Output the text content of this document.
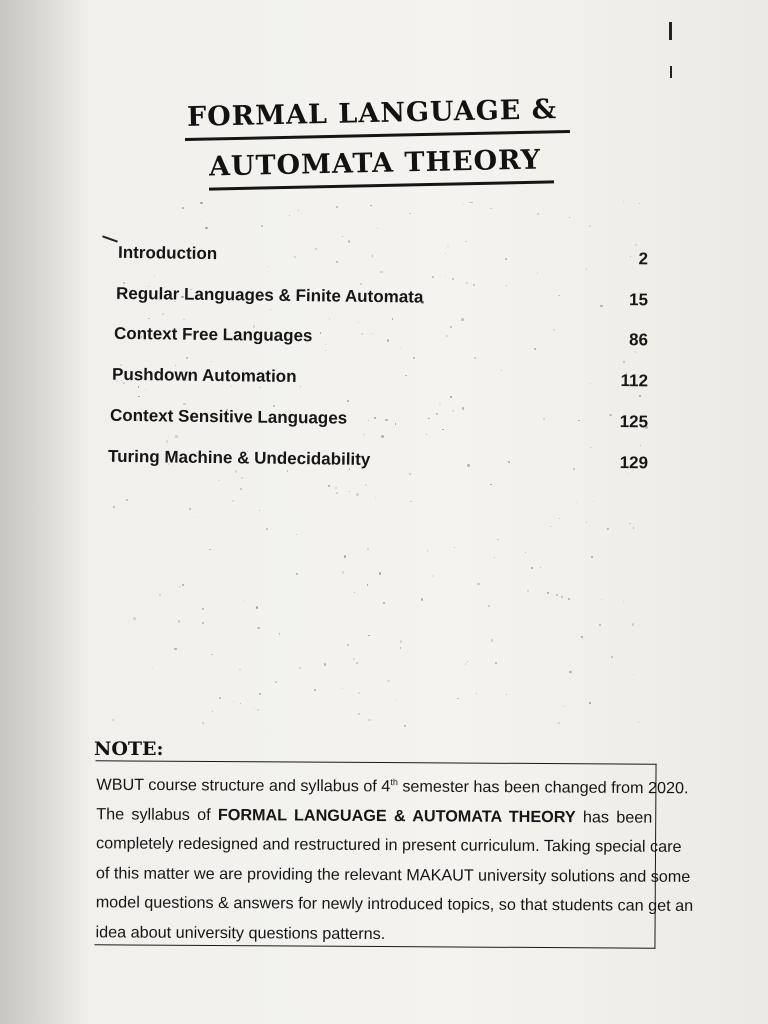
FORMAL LANGUAGE &
AUTOMATA THEORY
Introduction	2
Regular Languages & Finite Automata	15
Context Free Languages	86
Pushdown Automation	112
Context Sensitive Languages	125
Turing Machine & Undecidability	129
NOTE:
WBUT course structure and syllabus of 4th semester has been changed from 2020.
The syllabus of FORMAL LANGUAGE & AUTOMATA THEORY has been
completely redesigned and restructured in present curriculum. Taking special care
of this matter we are providing the relevant MAKAUT university solutions and some
model questions & answers for newly introduced topics, so that students can get an
idea about university questions patterns.
